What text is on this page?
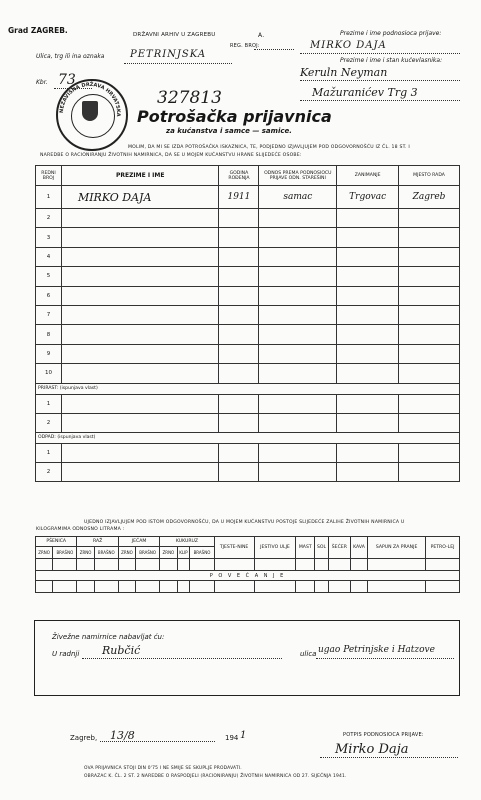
Grad ZAGREB.	DRŽAVNI ARHIV U ZAGREBU	A.
REG. BROJ:
Ulica, trg ili ina oznaka	PETRINJSKA
Kbr. 73
Prezime i ime podnosioca prijave:
MIRKO DAJA
Prezime i ime i stan kućevlasnika:
Keruln Neyman
Mažuranićev Trg 3
NEZAVISNA DRŽAVA HRVATSKA
327813
Potrošačka prijavnica
za kućanstva i samce — samice.
MOLIM, DA MI SE IZDA POTROŠAČKA ISKAZNICA, TE, PODJEDNO IZJAVLJUJEM POD ODGOVORNOŠĆU IZ ČL. 18 ST. I
NAREDBE O RACIONIRANJU ŽIVOTNIH NAMIRNICA, DA SE U MOJEM KUĆANSTVU HRANE SLIJEDEĆE OSOBE:
REDNI BROJ	PREZIME I IME	GODINA ROĐENJA	ODNOS PREMA PODNOSIOCU PRIJAVE ODN. STAREŠINI	ZANIMANJE	MJESTO RADA
1	MIRKO DAJA	1911	samac	Trgovac	Zagreb
2					
3					
4					
5					
6					
7					
8					
9					
10					
PRIRAST: (ispunjava vlast)					
1					
2					
ODPAD: (ispunjava vlast)					
1					
2					
UJEDNO IZJAVLJUJEM POD ISTOM ODGOVORNOŠĆU, DA U MOJEM KUĆANSTVU POSTOJE SLIJEDEĆE ZALIHE ŽIVOTNIH NAMIRNICA U
KILOGRAMIMA ODNOSNO LITRAMA :
PŠENICA		RAŽ		JEČAM		KUKURUZ			TJESTE-NINE	JESTIVO ULJE	MAST	SOL	ŠEĆER	KAVA	SAPUN ZA PRANJE	PETRO-LEJ
ZRNO	BRAŠNO	ZRNO	BRAŠNO	ZRNO	BRAŠNO	ZRNO	KLIP	BRAŠNO								

P O V E Ć A N J E																

Živežne namirnice nabavljat ću:
U radnji Rubčić	ulica ugao Petrinjske i Hatzove
Zagreb, 13/8	194 1	POTPIS PODNOSIOCA PRIJAVE:
Mirko Daja
OVA PRIJAVNICA STOJI DIN 0'75 I NE SMIJE SE SKUPLJE PRODAVATI.
OBRAZAC K. ČL. 2 ST. 2 NAREDBE O RASPODJELI (RACIONIRANJU) ŽIVOTNIH NAMIRNICA OD 27. SIJEČNJA 1941.
